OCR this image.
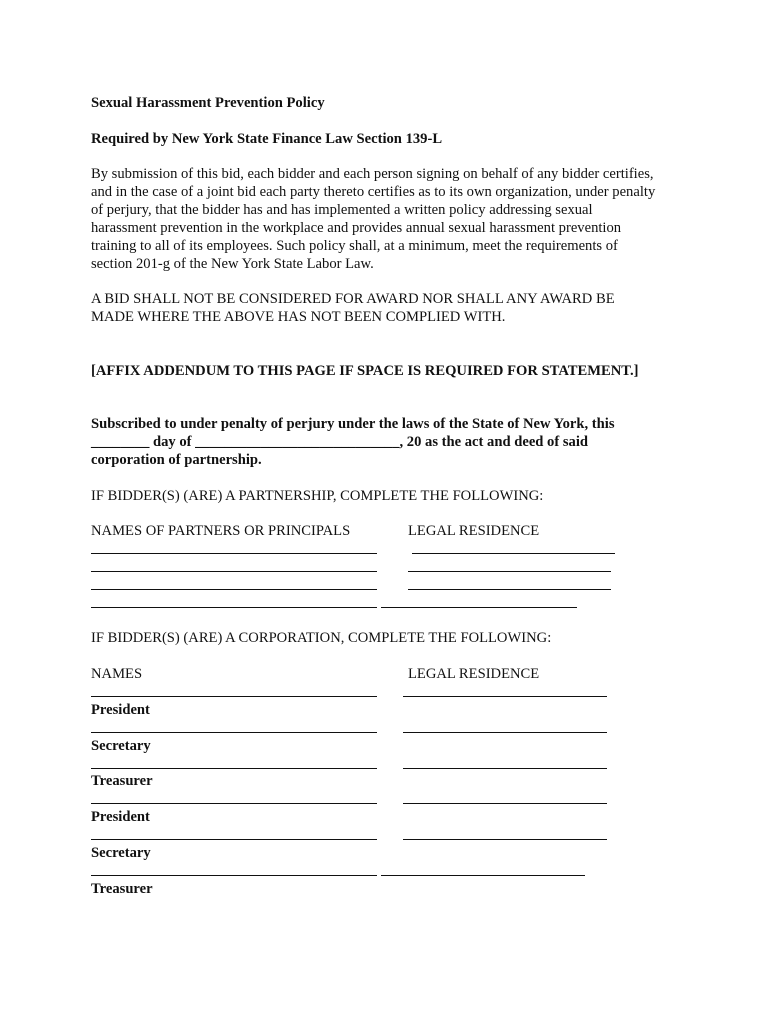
Sexual Harassment Prevention Policy
Required by New York State Finance Law Section 139-L
By submission of this bid, each bidder and each person signing on behalf of any bidder certifies,
and in the case of a joint bid each party thereto certifies as to its own organization, under penalty
of perjury, that the bidder has and has implemented a written policy addressing sexual
harassment prevention in the workplace and provides annual sexual harassment prevention
training to all of its employees. Such policy shall, at a minimum, meet the requirements of
section 201-g of the New York State Labor Law.
A BID SHALL NOT BE CONSIDERED FOR AWARD NOR SHALL ANY AWARD BE
MADE WHERE THE ABOVE HAS NOT BEEN COMPLIED WITH.
[AFFIX ADDENDUM TO THIS PAGE IF SPACE IS REQUIRED FOR STATEMENT.]
Subscribed to under penalty of perjury under the laws of the State of New York, this
________ day of ____________________________, 20 as the act and deed of said
corporation of partnership.
IF BIDDER(S) (ARE) A PARTNERSHIP, COMPLETE THE FOLLOWING:
NAMES OF PARTNERS OR PRINCIPALS	LEGAL RESIDENCE
IF BIDDER(S) (ARE) A CORPORATION, COMPLETE THE FOLLOWING:
NAMES	LEGAL RESIDENCE
President
Secretary
Treasurer
President
Secretary
Treasurer
